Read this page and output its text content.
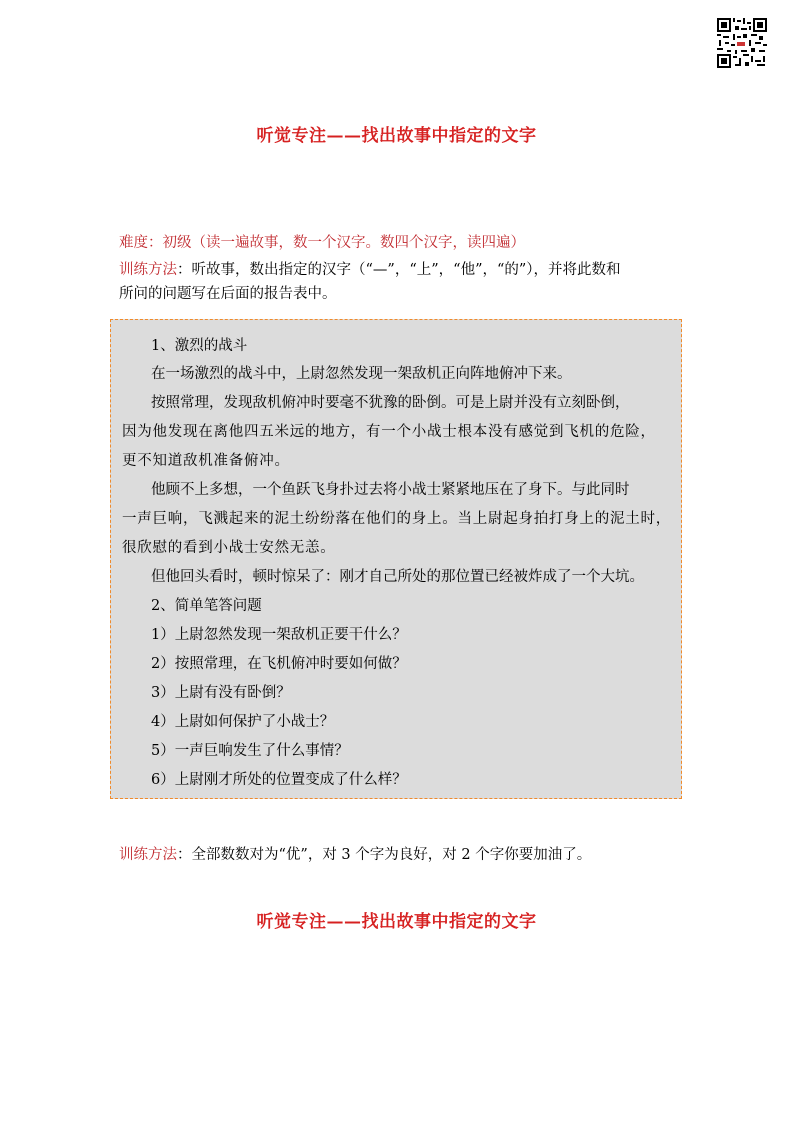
听觉专注——找出故事中指定的文字
难度：初级（读一遍故事，数一个汉字。数四个汉字，读四遍）
训练方法：听故事，数出指定的汉字（“—”，“上”，“他”，“的”），并将此数和
所问的问题写在后面的报告表中。
1、激烈的战斗
在一场激烈的战斗中，上尉忽然发现一架敌机正向阵地俯冲下来。
按照常理，发现敌机俯冲时要毫不犹豫的卧倒。可是上尉并没有立刻卧倒，
因为他发现在离他四五米远的地方，有一个小战士根本没有感觉到飞机的危险，
更不知道敌机准备俯冲。
他顾不上多想，一个鱼跃飞身扑过去将小战士紧紧地压在了身下。与此同时
一声巨响，飞溅起来的泥土纷纷落在他们的身上。当上尉起身拍打身上的泥土时，
很欣慰的看到小战士安然无恙。
但他回头看时，顿时惊呆了：刚才自己所处的那位置已经被炸成了一个大坑。
2、简单笔答问题
1）上尉忽然发现一架敌机正要干什么？
2）按照常理，在飞机俯冲时要如何做？
3）上尉有没有卧倒？
4）上尉如何保护了小战士？
5）一声巨响发生了什么事情？
6）上尉刚才所处的位置变成了什么样？
训练方法：全部数数对为“优”，对 3 个字为良好，对 2 个字你要加油了。
听觉专注——找出故事中指定的文字
